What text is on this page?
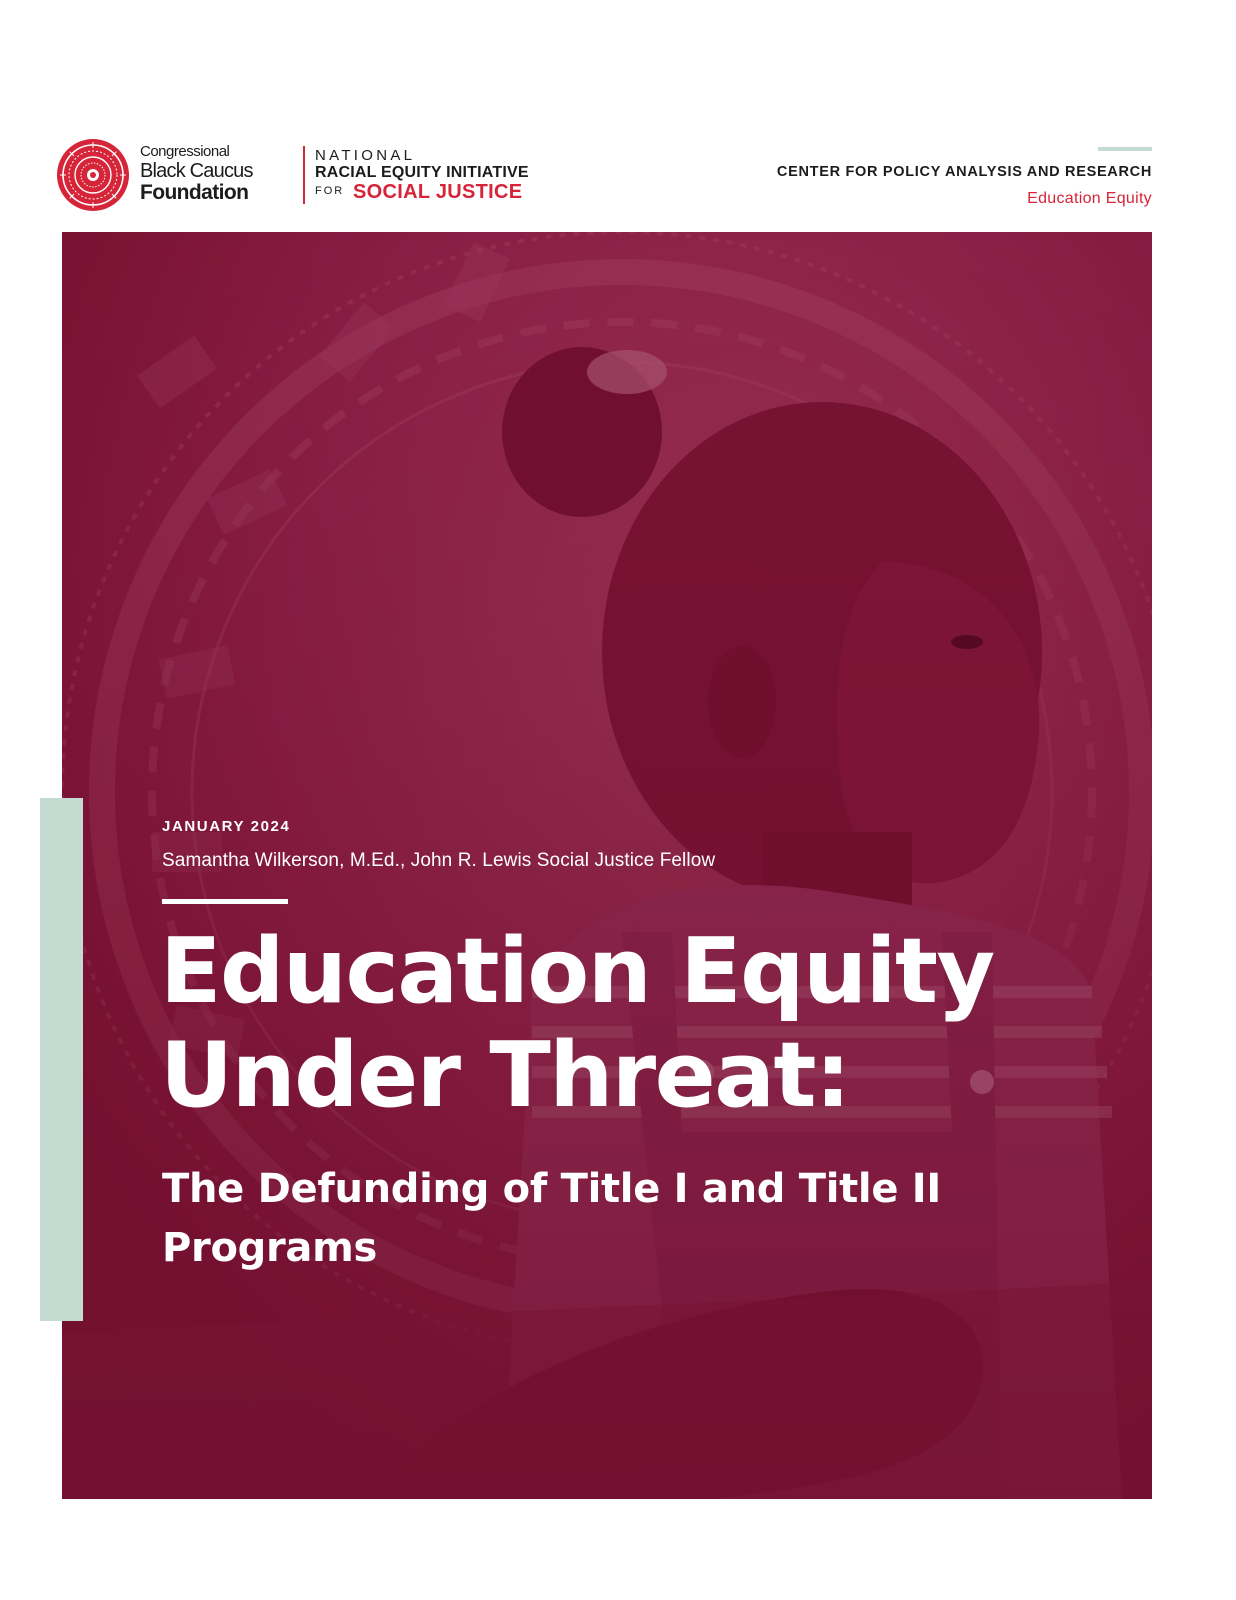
Congressional
Black Caucus
Foundation
NATIONAL
RACIAL EQUITY INITIATIVE
FOR SOCIAL JUSTICE
CENTER FOR POLICY ANALYSIS AND RESEARCH
Education Equity
JANUARY 2024
Samantha Wilkerson, M.Ed., John R. Lewis Social Justice Fellow
Education Equity Under Threat:
The Defunding of Title I and Title II Programs
